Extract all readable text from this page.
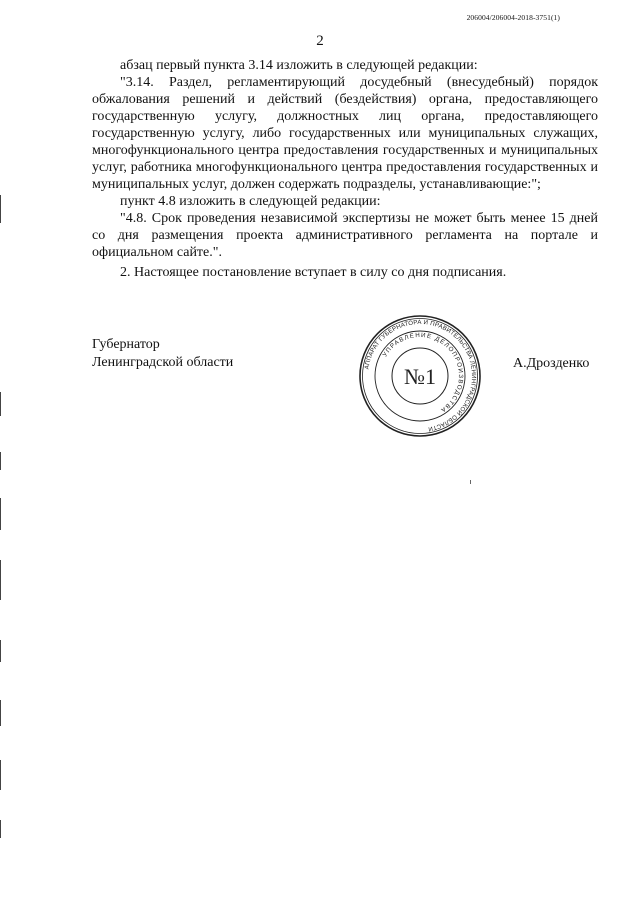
206004/206004-2018-3751(1)
2

абзац первый пункта 3.14 изложить в следующей редакции:

"3.14. Раздел, регламентирующий досудебный (внесудебный) порядок обжалования решений и действий (бездействия) органа, предоставляющего государственную услугу, должностных лиц органа, предоставляющего государственную услугу, либо государственных или муниципальных служащих, многофункционального центра предоставления государственных и муниципальных услуг, работника многофункционального центра предоставления государственных и муниципальных услуг, должен содержать подразделы, устанавливающие:";

пункт 4.8 изложить в следующей редакции:

"4.8. Срок проведения независимой экспертизы не может быть менее 15 дней со дня размещения проекта административного регламента на портале и официальном сайте.".

2. Настоящее постановление вступает в силу со дня подписания.

Губернатор
Ленинградской области	АППАРАТ ГУБЕРНАТОРА И ПРАВИТЕЛЬСТВА ЛЕНИНГРАДСКОЙ ОБЛАСТИ
УПРАВЛЕНИЕ ДЕЛОПРОИЗВОДСТВА
№1
А.Дрозденко
